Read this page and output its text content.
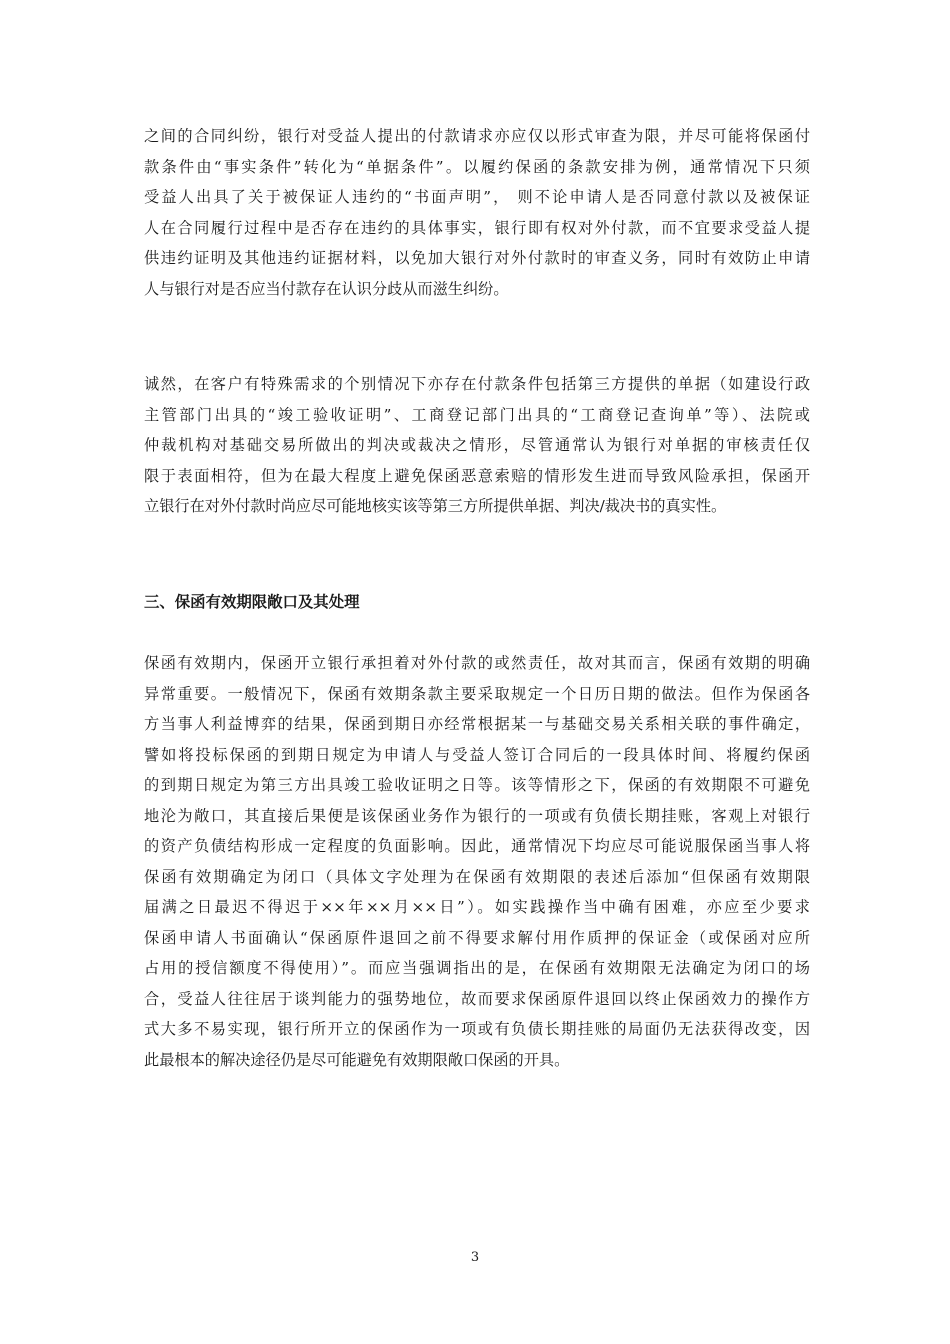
之间的合同纠纷，银行对受益人提出的付款请求亦应仅以形式审查为限，并尽可能将保函付
款条件由“事实条件”转化为“单据条件”。以履约保函的条款安排为例，通常情况下只须
受益人出具了关于被保证人违约的“书面声明”， 则不论申请人是否同意付款以及被保证
人在合同履行过程中是否存在违约的具体事实，银行即有权对外付款，而不宜要求受益人提
供违约证明及其他违约证据材料，以免加大银行对外付款时的审查义务，同时有效防止申请
人与银行对是否应当付款存在认识分歧从而滋生纠纷。
诚然，在客户有特殊需求的个别情况下亦存在付款条件包括第三方提供的单据（如建设行政
主管部门出具的“竣工验收证明”、工商登记部门出具的“工商登记查询单”等）、法院或
仲裁机构对基础交易所做出的判决或裁决之情形，尽管通常认为银行对单据的审核责任仅
限于表面相符，但为在最大程度上避免保函恶意索赔的情形发生进而导致风险承担，保函开
立银行在对外付款时尚应尽可能地核实该等第三方所提供单据、判决/裁决书的真实性。
三、保函有效期限敞口及其处理
保函有效期内，保函开立银行承担着对外付款的或然责任，故对其而言，保函有效期的明确
异常重要。一般情况下，保函有效期条款主要采取规定一个日历日期的做法。但作为保函各
方当事人利益博弈的结果，保函到期日亦经常根据某一与基础交易关系相关联的事件确定，
譬如将投标保函的到期日规定为申请人与受益人签订合同后的一段具体时间、将履约保函
的到期日规定为第三方出具竣工验收证明之日等。该等情形之下，保函的有效期限不可避免
地沦为敞口，其直接后果便是该保函业务作为银行的一项或有负债长期挂账，客观上对银行
的资产负债结构形成一定程度的负面影响。因此，通常情况下均应尽可能说服保函当事人将
保函有效期确定为闭口（具体文字处理为在保函有效期限的表述后添加“但保函有效期限
届满之日最迟不得迟于××年××月××日”）。如实践操作当中确有困难，亦应至少要求
保函申请人书面确认“保函原件退回之前不得要求解付用作质押的保证金（或保函对应所
占用的授信额度不得使用）”。而应当强调指出的是，在保函有效期限无法确定为闭口的场
合，受益人往往居于谈判能力的强势地位，故而要求保函原件退回以终止保函效力的操作方
式大多不易实现，银行所开立的保函作为一项或有负债长期挂账的局面仍无法获得改变，因
此最根本的解决途径仍是尽可能避免有效期限敞口保函的开具。
3
